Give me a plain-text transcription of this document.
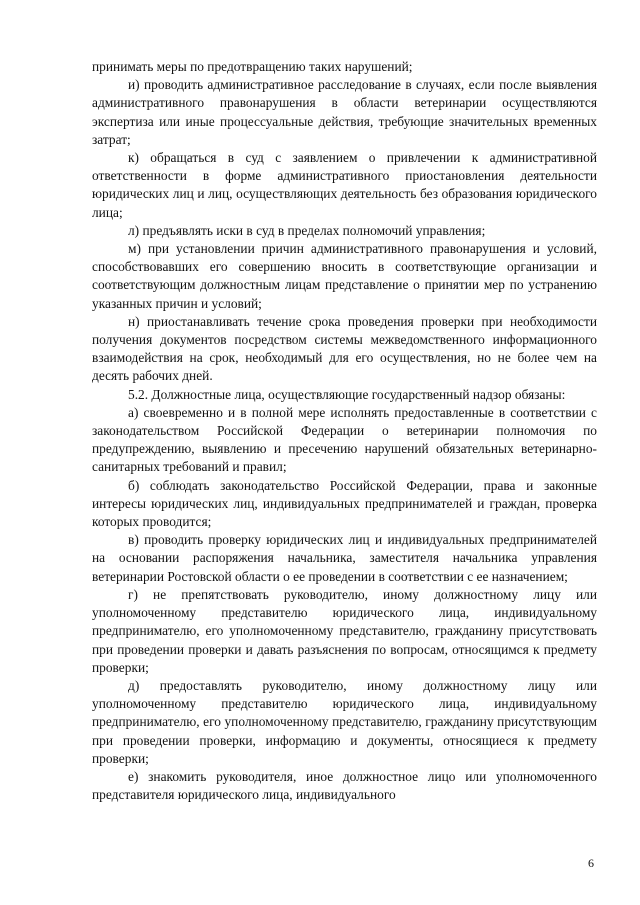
принимать меры по предотвращению таких нарушений;

и) проводить административное расследование в случаях, если после выявления административного правонарушения в области ветеринарии осуществляются экспертиза или иные процессуальные действия, требующие значительных временных затрат;

к) обращаться в суд с заявлением о привлечении к административной ответственности в форме административного приостановления деятельности юридических лиц и лиц, осуществляющих деятельность без образования юридического лица;

л) предъявлять иски в суд в пределах полномочий управления;

м) при установлении причин административного правонарушения и условий, способствовавших его совершению вносить в соответствующие организации и соответствующим должностным лицам представление о принятии мер по устранению указанных причин и условий;

н) приостанавливать течение срока проведения проверки при необходимости получения документов посредством системы межведомственного информационного взаимодействия на срок, необходимый для его осуществления, но не более чем на десять рабочих дней.

5.2. Должностные лица, осуществляющие государственный надзор обязаны:

а) своевременно и в полной мере исполнять предоставленные в соответствии с законодательством Российской Федерации о ветеринарии полномочия по предупреждению, выявлению и пресечению нарушений обязательных ветеринарно-санитарных требований и правил;

б) соблюдать законодательство Российской Федерации, права и законные интересы юридических лиц, индивидуальных предпринимателей и граждан, проверка которых проводится;

в) проводить проверку юридических лиц и индивидуальных предпринимателей на основании распоряжения начальника, заместителя начальника управления ветеринарии Ростовской области о ее проведении в соответствии с ее назначением;

г) не препятствовать руководителю, иному должностному лицу или уполномоченному представителю юридического лица, индивидуальному предпринимателю, его уполномоченному представителю, гражданину присутствовать при проведении проверки и давать разъяснения по вопросам, относящимся к предмету проверки;

д) предоставлять руководителю, иному должностному лицу или уполномоченному представителю юридического лица, индивидуальному предпринимателю, его уполномоченному представителю, гражданину присутствующим при проведении проверки, информацию и документы, относящиеся к предмету проверки;

е) знакомить руководителя, иное должностное лицо или уполномоченного представителя юридического лица, индивидуального

6
